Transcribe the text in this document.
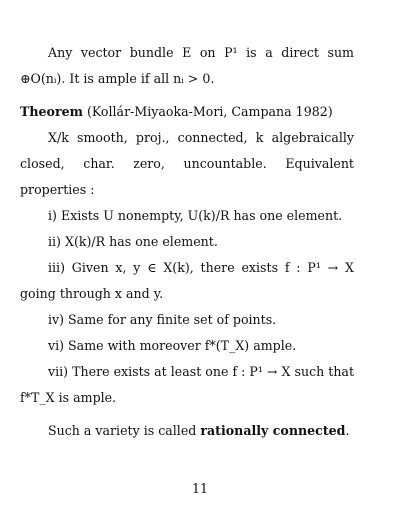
Any vector bundle E on P¹ is a direct sum ⊕O(nᵢ). It is ample if all nᵢ > 0.

Theorem (Kollár-Miyaoka-Mori, Campana 1982)

X/k smooth, proj., connected, k algebraically closed, char. zero, uncountable. Equivalent properties :

i) Exists U nonempty, U(k)/R has one element.

ii) X(k)/R has one element.

iii) Given x, y ∈ X(k), there exists f : P¹ → X going through x and y.

iv) Same for any finite set of points.

vi) Same with moreover f*(T_X) ample.

vii) There exists at least one f : P¹ → X such that f*T_X is ample.

Such a variety is called rationally connected.

11
